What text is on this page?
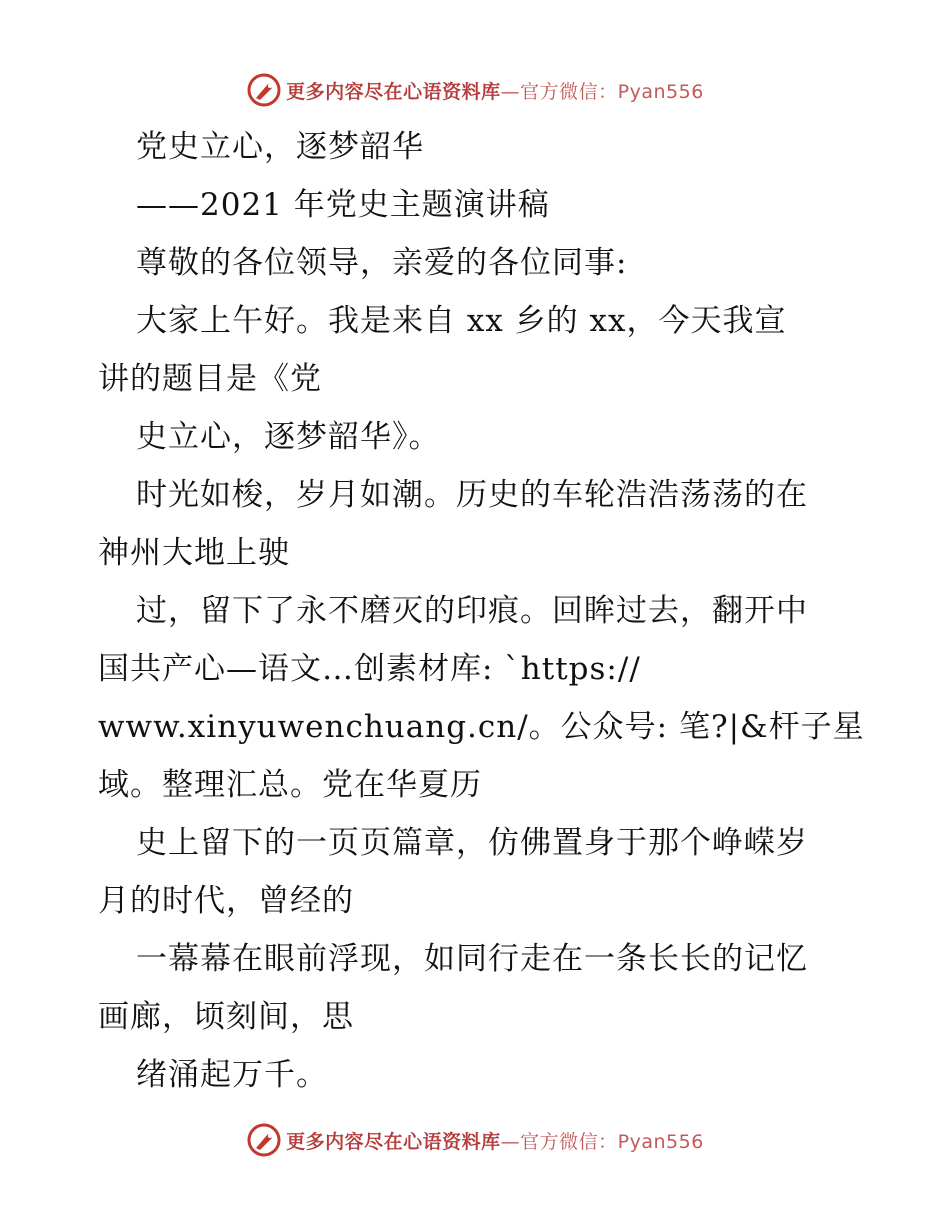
更多内容尽在心语资料库—官方微信：Pyan556
党史立心，逐梦韶华
——2021 年党史主题演讲稿
尊敬的各位领导，亲爱的各位同事:
大家上午好。我是来自 xx 乡的 xx，今天我宣
讲的题目是《党
史立心，逐梦韶华》。
时光如梭，岁月如潮。历史的车轮浩浩荡荡的在
神州大地上驶
过，留下了永不磨灭的印痕。回眸过去，翻开中
国共产心—语文…创素材库: `https://
www.xinyuwenchuang.cn/。公众号: 笔?|&杆子星
域。整理汇总。党在华夏历
史上留下的一页页篇章，仿佛置身于那个峥嵘岁
月的时代，曾经的
一幕幕在眼前浮现，如同行走在一条长长的记忆
画廊，顷刻间，思
绪涌起万千。
更多内容尽在心语资料库—官方微信：Pyan556
